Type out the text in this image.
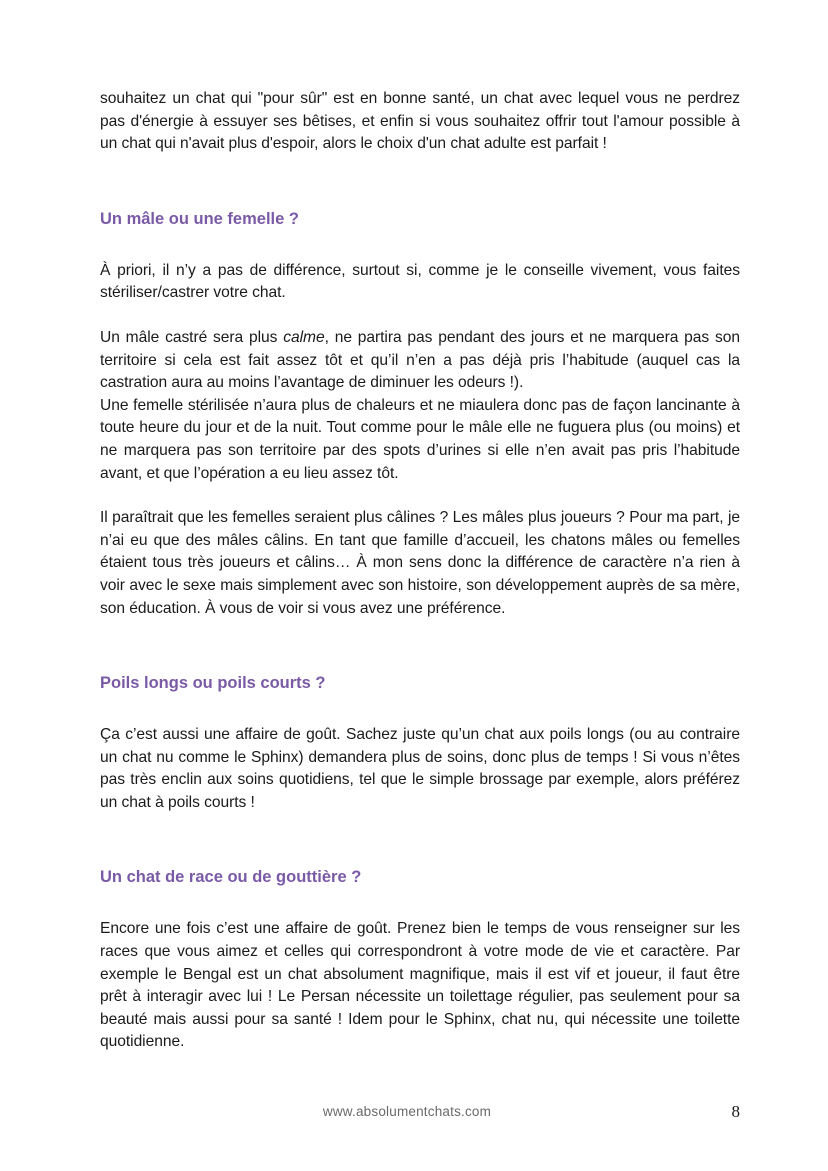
souhaitez un chat qui "pour sûr" est en bonne santé, un chat avec lequel vous ne perdrez pas d'énergie à essuyer ses bêtises, et enfin si vous souhaitez offrir tout l'amour possible à un chat qui n'avait plus d'espoir, alors le choix d'un chat adulte est parfait !

Un mâle ou une femelle ?

À priori, il n’y a pas de différence, surtout si, comme je le conseille vivement, vous faites stériliser/castrer votre chat.

Un mâle castré sera plus calme, ne partira pas pendant des jours et ne marquera pas son territoire si cela est fait assez tôt et qu’il n’en a pas déjà pris l’habitude (auquel cas la castration aura au moins l’avantage de diminuer les odeurs !).

Une femelle stérilisée n’aura plus de chaleurs et ne miaulera donc pas de façon lancinante à toute heure du jour et de la nuit. Tout comme pour le mâle elle ne fuguera plus (ou moins) et ne marquera pas son territoire par des spots d’urines si elle n’en avait pas pris l’habitude avant, et que l’opération a eu lieu assez tôt.

Il paraîtrait que les femelles seraient plus câlines ? Les mâles plus joueurs ? Pour ma part, je n’ai eu que des mâles câlins. En tant que famille d’accueil, les chatons mâles ou femelles étaient tous très joueurs et câlins… À mon sens donc la différence de caractère n’a rien à voir avec le sexe mais simplement avec son histoire, son développement auprès de sa mère, son éducation. À vous de voir si vous avez une préférence.

Poils longs ou poils courts ?

Ça c’est aussi une affaire de goût. Sachez juste qu’un chat aux poils longs (ou au contraire un chat nu comme le Sphinx) demandera plus de soins, donc plus de temps ! Si vous n’êtes pas très enclin aux soins quotidiens, tel que le simple brossage par exemple, alors préférez un chat à poils courts !

Un chat de race ou de gouttière ?

Encore une fois c’est une affaire de goût. Prenez bien le temps de vous renseigner sur les races que vous aimez et celles qui correspondront à votre mode de vie et caractère. Par exemple le Bengal est un chat absolument magnifique, mais il est vif et joueur, il faut être prêt à interagir avec lui ! Le Persan nécessite un toilettage régulier, pas seulement pour sa beauté mais aussi pour sa santé ! Idem pour le Sphinx, chat nu, qui nécessite une toilette quotidienne.

www.absolumentchats.com	8
